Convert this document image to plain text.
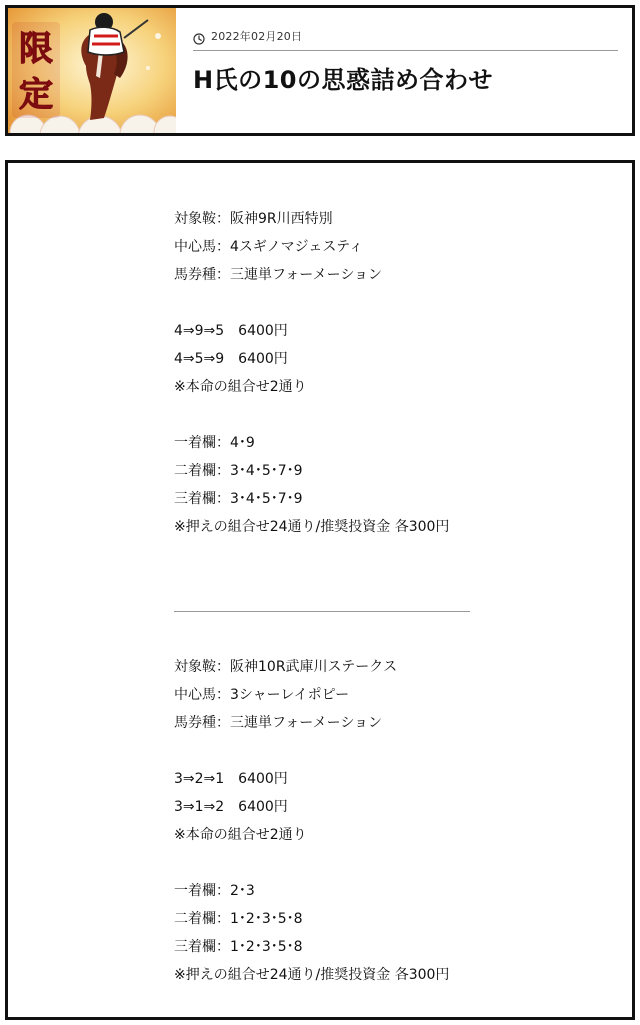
限
定
2022年02月20日
H氏の10の思惑詰め合わせ
対象鞍：阪神9R川西特別
中心馬：4スギノマジェスティ
馬券種：三連単フォーメーション
4⇒9⇒5　6400円
4⇒5⇒9　6400円
※本命の組合せ2通り
一着欄：4･9
二着欄：3･4･5･7･9
三着欄：3･4･5･7･9
※押えの組合せ24通り/推奨投資金 各300円
対象鞍：阪神10R武庫川ステークス
中心馬：3シャーレイポピー
馬券種：三連単フォーメーション
3⇒2⇒1　6400円
3⇒1⇒2　6400円
※本命の組合せ2通り
一着欄：2･3
二着欄：1･2･3･5･8
三着欄：1･2･3･5･8
※押えの組合せ24通り/推奨投資金 各300円
